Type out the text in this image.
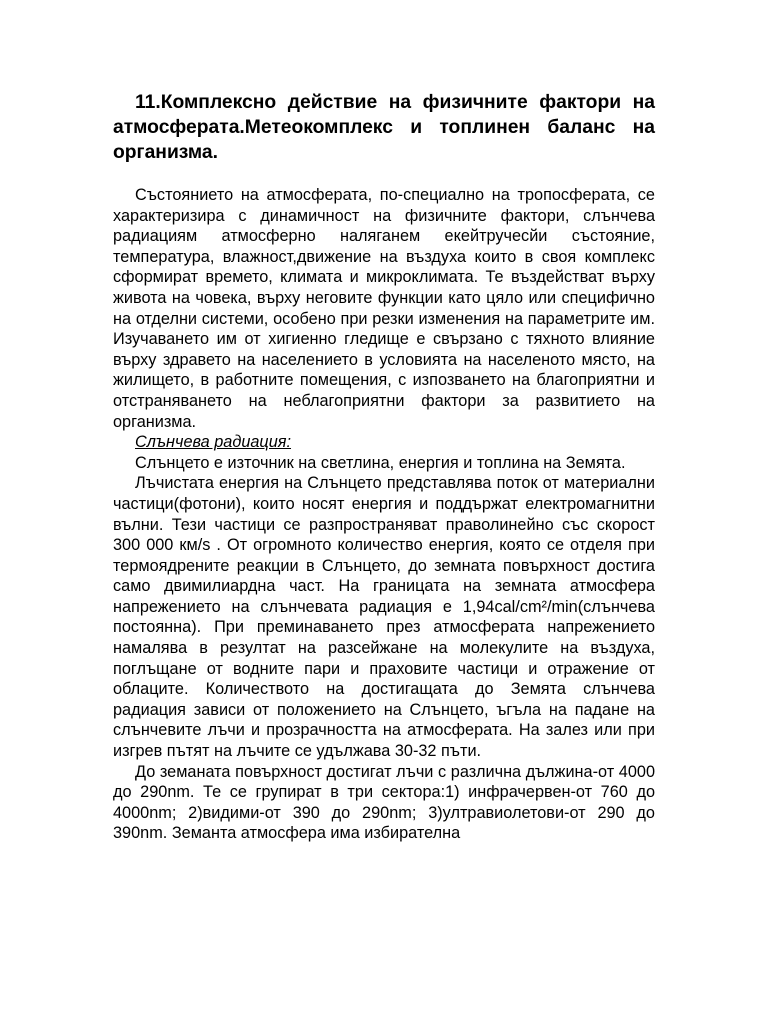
11.Комплексно действие на физичните фактори на атмосферата.Метеокомплекс и топлинен баланс на организма.

Състоянието на атмосферата, по-специално на тропосферата, се характеризира с динамичност на физичните фактори, слънчева радиациям атмосферно наляганем екейтручесйи състояние, температура, влажност,движение на въздуха които в своя комплекс сформират времето, климата и микроклимата. Те въздействат върху живота на човека, върху неговите функции като цяло или специфично на отделни системи, особено при резки изменения на параметрите им. Изучаването им от хигиенно гледище е свързано с тяхното влияние върху здравето на населението в условията на населеното място, на жилището, в работните помещения, с изпозването на благоприятни и отстраняването на неблагоприятни фактори за развитието на организма.

Слънчева радиация:

Слънцето е източник на светлина, енергия и топлина на Земята.

Лъчистата енергия на Слънцето представлява поток от материални частици(фотони), които носят енергия и поддържат електромагнитни вълни. Тези частици се разпространяват праволинейно със скорост 300 000 км/s . От огромното количество енергия, която се отделя при термоядрените реакции в Слънцето, до земната повърхност достига само двимилиардна част. На границата на земната атмосфера напрежението на слънчевата радиация е 1,94cal/cm²/min(слънчева постоянна). При преминаването през атмосферата напрежението намалява в резултат на разсейжане на молекулите на въздуха, поглъщане от водните пари и праховите частици и отражение от облаците. Количеството на достигащата до Земята слънчева радиация зависи от положението на Слънцето, ъгъла на падане на слънчевите лъчи и прозрачността на атмосферата. На залез или при изгрев пътят на лъчите се удължава 30-32 пъти.

До земаната повърхност достигат лъчи с различна дължина-от 4000 до 290nm. Те се групират в три сектора:1) инфрачервен-от 760 до 4000nm; 2)видими-от 390 до 290nm; 3)ултравиолетови-от 290 до 390nm. Земанта атмосфера има избирателна
